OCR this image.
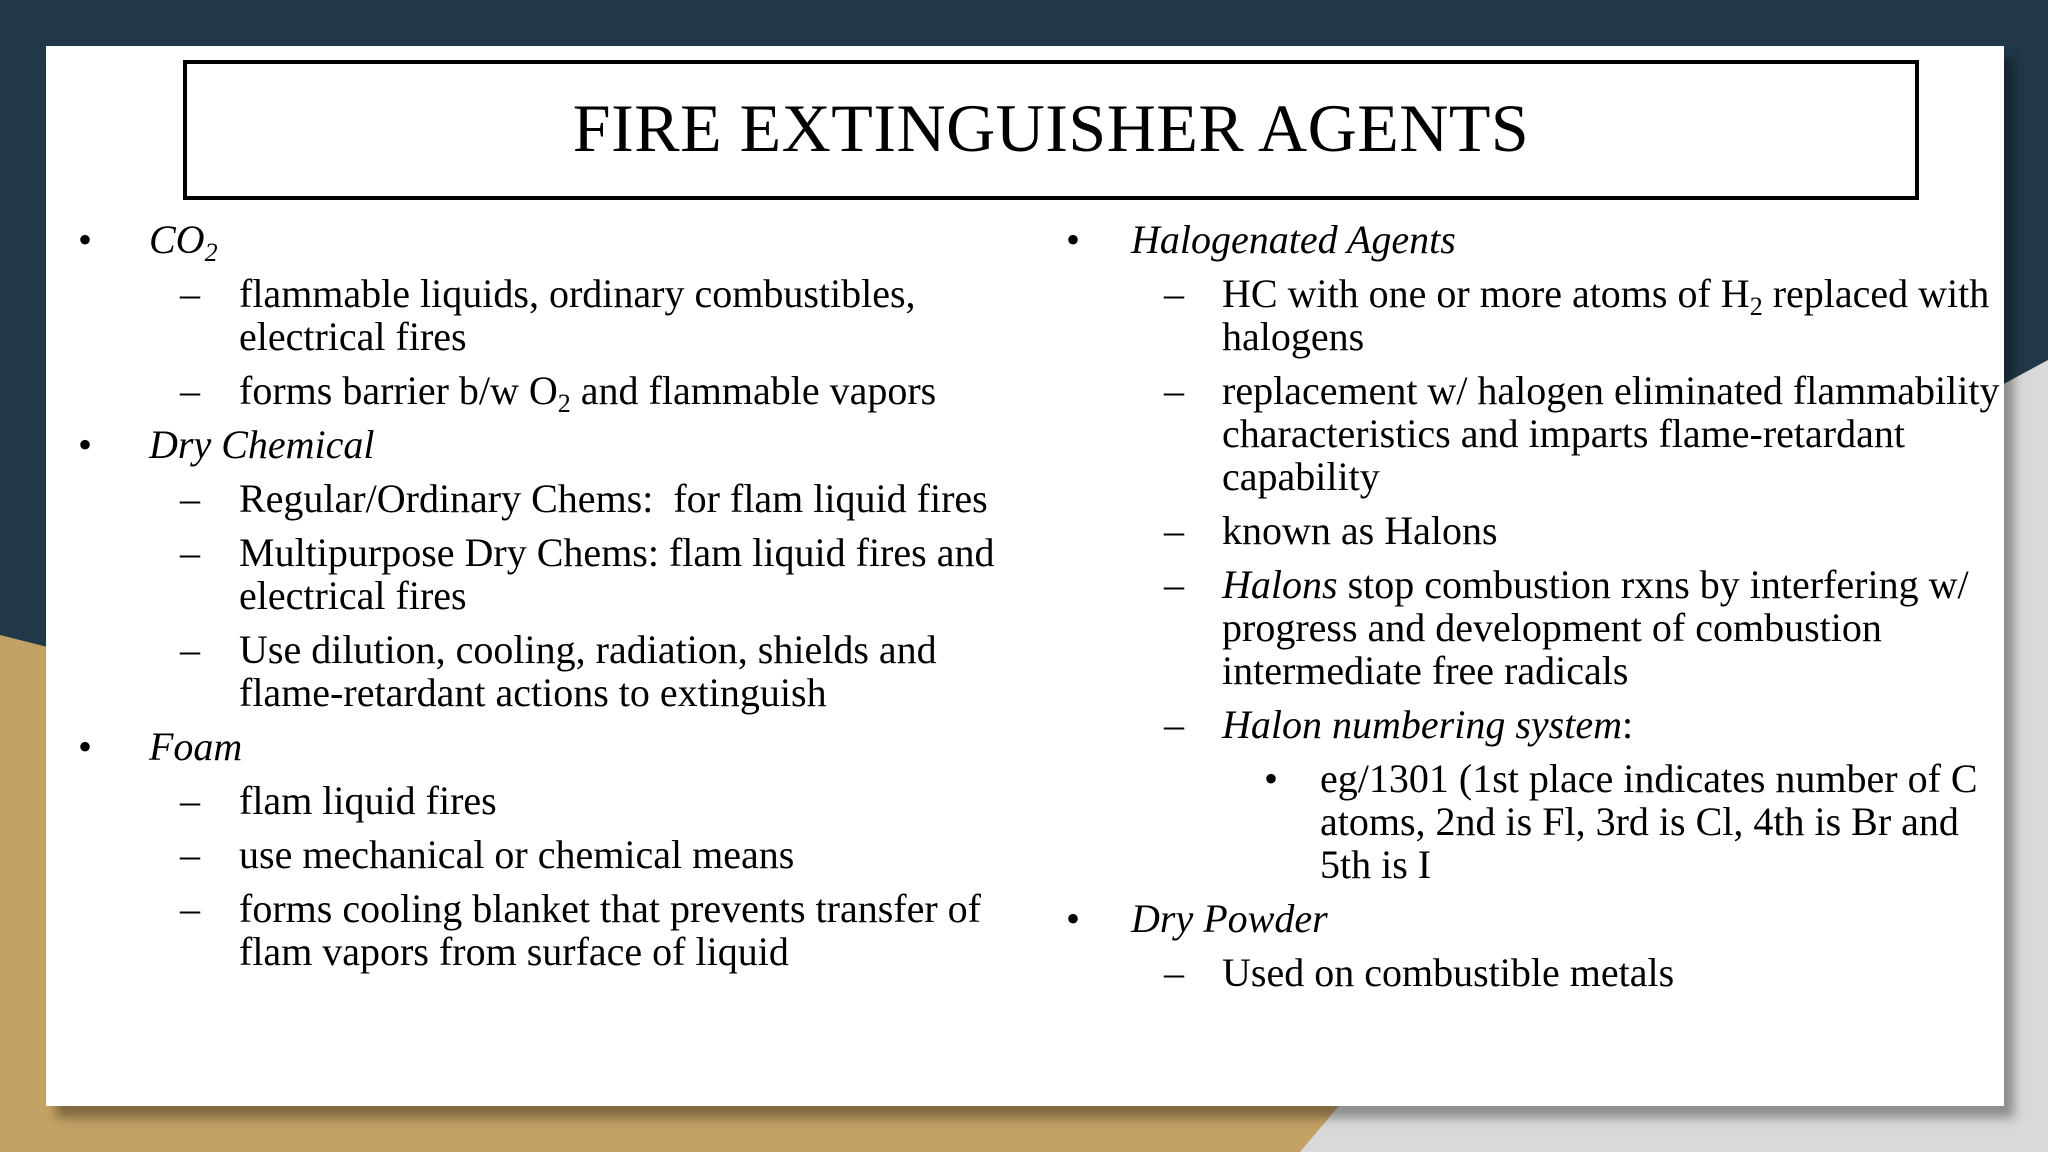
FIRE EXTINGUISHER AGENTS
• $CO_2$
– flammable liquids, ordinary combustibles, electrical fires
– forms barrier b/w $O_2$ and flammable vapors
• Dry Chemical
– Regular/Ordinary Chems:  for flam liquid fires
– Multipurpose Dry Chems: flam liquid fires and electrical fires
– Use dilution, cooling, radiation, shields and flame-retardant actions to extinguish
• Foam
– flam liquid fires
– use mechanical or chemical means
– forms cooling blanket that prevents transfer of flam vapors from surface of liquid
• Halogenated Agents
– HC with one or more atoms of $H_2$ replaced with halogens
– replacement w/ halogen eliminated flammability characteristics and imparts flame-retardant capability
– known as Halons
– Halons stop combustion rxns by interfering w/ progress and development of combustion intermediate free radicals
– Halon numbering system:
• eg/1301 (1st place indicates number of C atoms, 2nd is Fl, 3rd is Cl, 4th is Br and 5th is I
• Dry Powder
– Used on combustible metals
